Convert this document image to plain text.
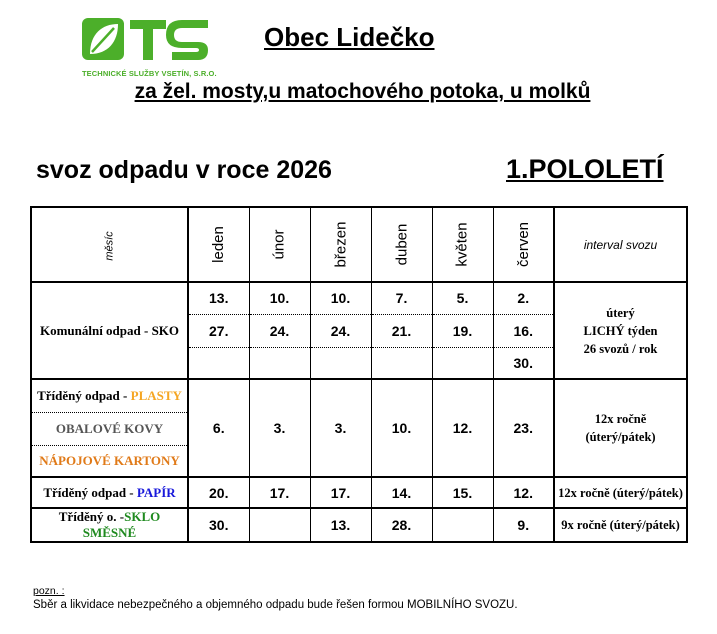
TECHNICKÉ SLUŽBY VSETÍN, S.R.O.
Obec Lidečko
za žel. mosty,u matochového potoka, u molků
svoz odpadu v roce 2026	1.POLOLETÍ
měsíc	leden	únor	březen	duben	květen	červen	interval svozu
Komunální odpad - SKO	13.	10.	10.	7.	5.	2.	úterý
LICHÝ týden
26 svozů / rok

	27.	24.	24.	21.	19.	16.	
						30.	
Tříděný odpad - PLASTY	6.	3.	3.	10.	12.	23.	12x ročně
(úterý/pátek)

OBALOVÉ KOVY							
NÁPOJOVÉ KARTONY							
Tříděný odpad - PAPÍR	20.	17.	17.	14.	15.	12.	12x ročně (úterý/pátek)
Tříděný o. -SKLO SMĚSNÉ	30.		13.	28.		9.	9x ročně (úterý/pátek)
pozn. :
Sběr a likvidace nebezpečného a objemného odpadu bude řešen formou MOBILNÍHO SVOZU.
